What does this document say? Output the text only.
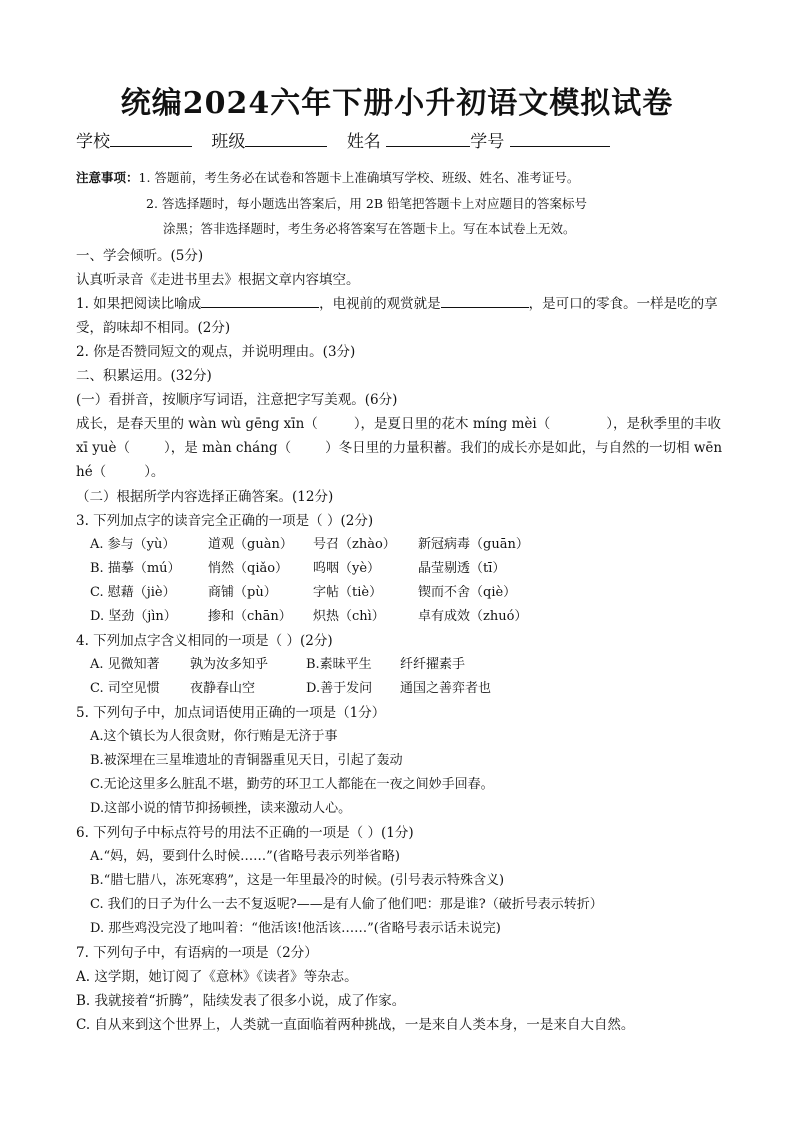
统编2024六年下册小升初语文模拟试卷
学校	班级	姓名	学号
注意事项：1. 答题前，考生务必在试卷和答题卡上准确填写学校、班级、姓名、准考证号。
2. 答选择题时，每小题选出答案后，用 2B 铅笔把答题卡上对应题目的答案标号
涂黑；答非选择题时，考生务必将答案写在答题卡上。写在本试卷上无效。
一、学会倾听。(5分)
认真听录音《走进书里去》根据文章内容填空。
1. 如果把阅读比喻成	，电视前的观赏就是	，是可口的零食。一样是吃的享
受，韵味却不相同。(2分)
2. 你是否赞同短文的观点，并说明理由。(3分)
二、积累运用。(32分)
(一）看拼音，按顺序写词语，注意把字写美观。(6分)
成长，是春天里的 wàn wù gēng xīn（	），是夏日里的花木 míng mèi（	），是秋季里的丰收
xī yuè（	），是 màn cháng（	）冬日里的力量积蓄。我们的成长亦是如此，与自然的一切相 wēn
hé（	）。
（二）根据所学内容选择正确答案。(12分)
3. 下列加点字的读音完全正确的一项是（ ）(2分)
A. 参与（yù）	道观（guàn） 号召（zhào） 新冠病毒（guān）
B. 描摹（mú） 悄然（qiǎo） 呜咽（yè）	晶莹剔透（tī）
C. 慰藉（jiè） 商铺（pù）	字帖（tiè）	锲而不舍（qiè）
D. 坚劲（jìn） 掺和（chān） 炽热（chì）	卓有成效（zhuó）
4. 下列加点字含义相同的一项是（ ）(2分)
A. 见微知著 孰为汝多知乎	B.素昧平生 纤纤擢素手
C. 司空见惯 夜静春山空	D.善于发问 通国之善弈者也
5. 下列句子中，加点词语使用正确的一项是（1分）
A.这个镇长为人很贪财，你行贿是无济于事
B.被深埋在三星堆遗址的青铜器重见天日，引起了轰动
C.无论这里多么脏乱不堪，勤劳的环卫工人都能在一夜之间妙手回春。
D.这部小说的情节抑扬顿挫，读来激动人心。
6. 下列句子中标点符号的用法不正确的一项是（ ）(1分)
A.“妈，妈，要到什么时候……”(省略号表示列举省略)
B.“腊七腊八，冻死寒鸦”，这是一年里最冷的时候。(引号表示特殊含义)
C. 我们的日子为什么一去不复返呢?——是有人偷了他们吧：那是谁?（破折号表示转折）
D. 那些鸡没完没了地叫着：“他活该!他活该……”(省略号表示话未说完)
7. 下列句子中，有语病的一项是（2分）
A. 这学期，她订阅了《意林》《读者》等杂志。
B. 我就接着“折腾”，陆续发表了很多小说，成了作家。
C. 自从来到这个世界上，人类就一直面临着两种挑战，一是来自人类本身，一是来自大自然。
